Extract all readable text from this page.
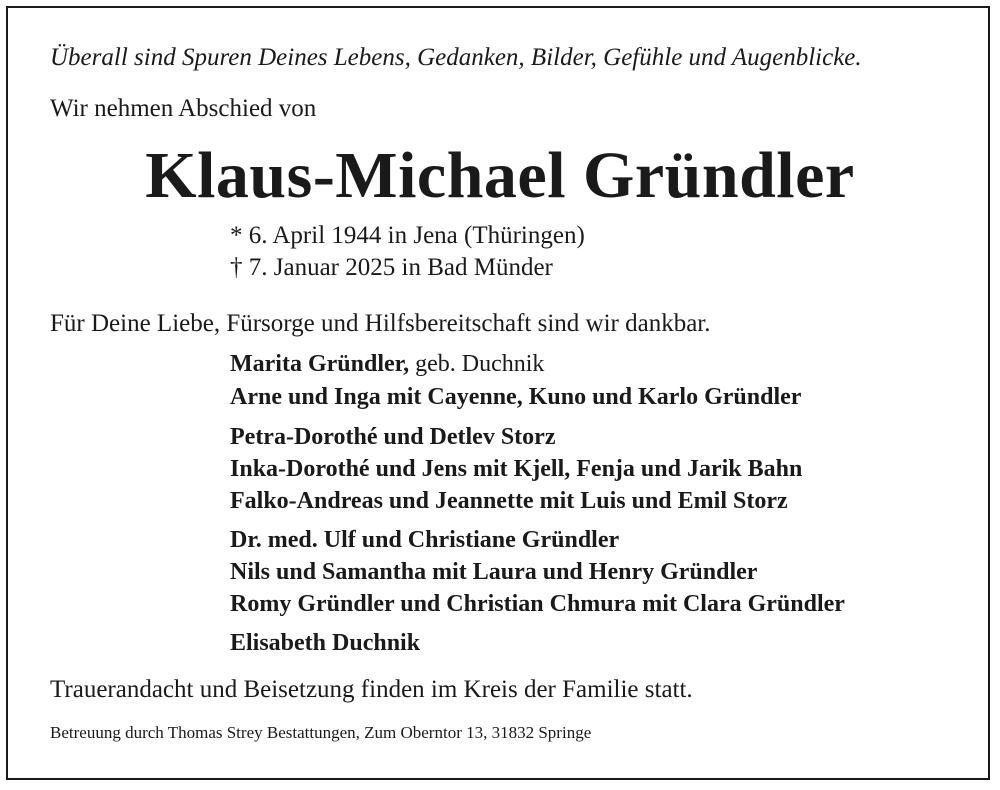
Überall sind Spuren Deines Lebens, Gedanken, Bilder, Gefühle und Augenblicke.
Wir nehmen Abschied von
Klaus-Michael Gründler
* 6. April 1944 in Jena (Thüringen)
† 7. Januar 2025 in Bad Münder
Für Deine Liebe, Fürsorge und Hilfsbereitschaft sind wir dankbar.
Marita Gründler, geb. Duchnik
Arne und Inga mit Cayenne, Kuno und Karlo Gründler
Petra-Dorothé und Detlev Storz
Inka-Dorothé und Jens mit Kjell, Fenja und Jarik Bahn
Falko-Andreas und Jeannette mit Luis und Emil Storz
Dr. med. Ulf und Christiane Gründler
Nils und Samantha mit Laura und Henry Gründler
Romy Gründler und Christian Chmura mit Clara Gründler
Elisabeth Duchnik
Trauerandacht und Beisetzung finden im Kreis der Familie statt.
Betreuung durch Thomas Strey Bestattungen, Zum Oberntor 13, 31832 Springe
